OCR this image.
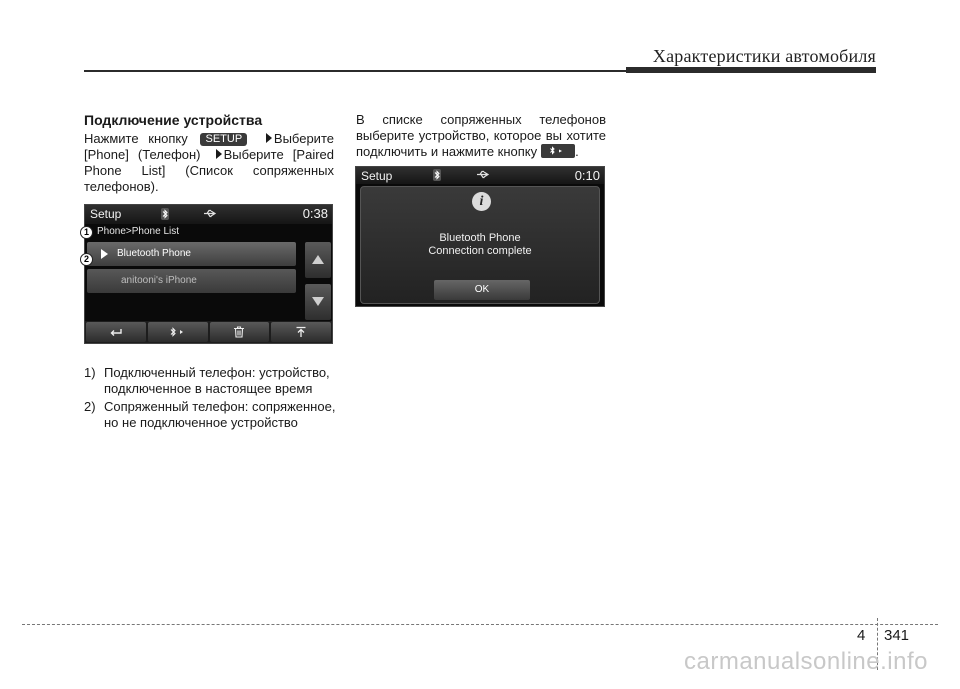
Характеристики автомобиля
Подключение устройства
Нажмите кнопку SETUP Выберите [Phone] (Телефон) Выберите [Paired Phone List] (Список сопряженных телефонов).
Setup	0:38
Phone>Phone List
Bluetooth Phone
anitooni's iPhone
1
2
1) Подключенный телефон: устройство, подключенное в настоящее время
2) Сопряженный телефон: сопряженное, но не подключенное устройство
В списке сопряженных телефонов выберите устройство, которое вы хотите подключить и нажмите кнопку	.
Setup	0:10
i
Bluetooth Phone
Connection complete
OK
4 341
carmanualsonline.info
